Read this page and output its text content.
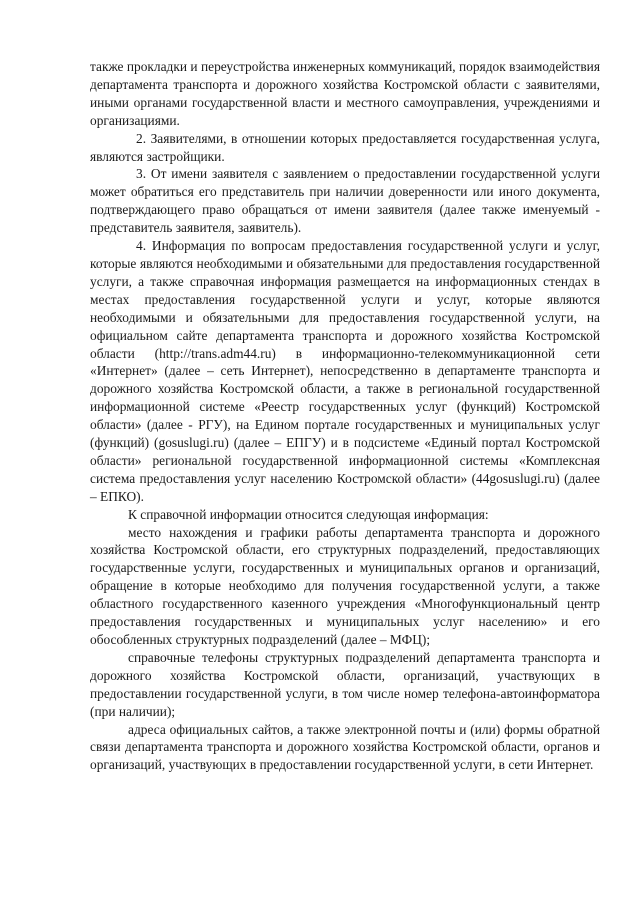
также прокладки и переустройства инженерных коммуникаций, порядок взаимодействия департамента транспорта и дорожного хозяйства Костромской области с заявителями, иными органами государственной власти и местного самоуправления, учреждениями и организациями.

2. Заявителями, в отношении которых предоставляется государственная услуга, являются застройщики.

3. От имени заявителя с заявлением о предоставлении государственной услуги может обратиться его представитель при наличии доверенности или иного документа, подтверждающего право обращаться от имени заявителя (далее также именуемый - представитель заявителя, заявитель).

4. Информация по вопросам предоставления государственной услуги и услуг, которые являются необходимыми и обязательными для предоставления государственной услуги, а также справочная информация размещается на информационных стендах в местах предоставления государственной услуги и услуг, которые являются необходимыми и обязательными для предоставления государственной услуги, на официальном сайте департамента транспорта и дорожного хозяйства Костромской области (http://trans.adm44.ru) в информационно-телекоммуникационной сети «Интернет» (далее – сеть Интернет), непосредственно в департаменте транспорта и дорожного хозяйства Костромской области, а также в региональной государственной информационной системе «Реестр государственных услуг (функций) Костромской области» (далее - РГУ), на Едином портале государственных и муниципальных услуг (функций) (gosuslugi.ru) (далее – ЕПГУ) и в подсистеме «Единый портал Костромской области» региональной государственной информационной системы «Комплексная система предоставления услуг населению Костромской области» (44gosuslugi.ru) (далее – ЕПКО).

К справочной информации относится следующая информация:

место нахождения и графики работы департамента транспорта и дорожного хозяйства Костромской области, его структурных подразделений, предоставляющих государственные услуги, государственных и муниципальных органов и организаций, обращение в которые необходимо для получения государственной услуги, а также областного государственного казенного учреждения «Многофункциональный центр предоставления государственных и муниципальных услуг населению» и его обособленных структурных подразделений (далее – МФЦ);

справочные телефоны структурных подразделений департамента транспорта и дорожного хозяйства Костромской области, организаций, участвующих в предоставлении государственной услуги, в том числе номер телефона-автоинформатора (при наличии);

адреса официальных сайтов, а также электронной почты и (или) формы обратной связи департамента транспорта и дорожного хозяйства Костромской области, органов и организаций, участвующих в предоставлении государственной услуги, в сети Интернет.
